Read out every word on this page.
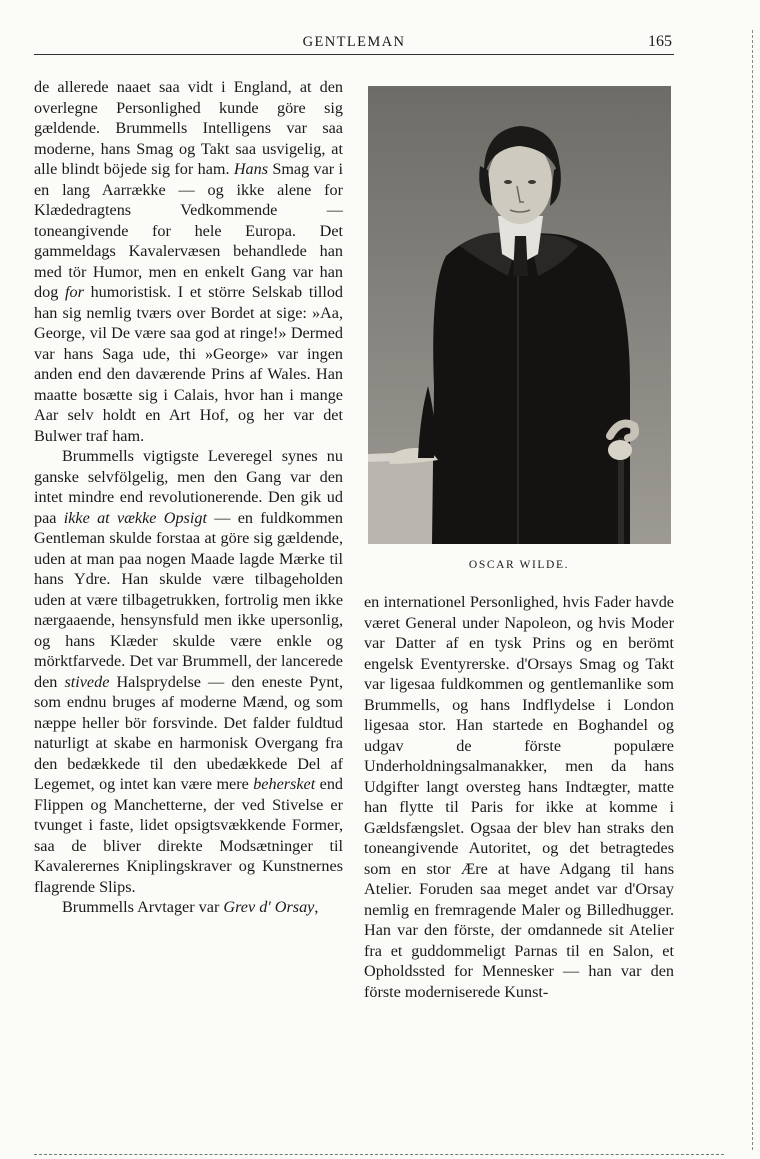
GENTLEMAN	165

de allerede naaet saa vidt i England, at den overlegne Personlighed kunde göre sig gældende. Brummells Intelligens var saa moderne, hans Smag og Takt saa usvigelig, at alle blindt böjede sig for ham. Hans Smag var i en lang Aarrække — og ikke alene for Klædedragtens Vedkommende — toneangivende for hele Europa. Det gammeldags Kavalervæsen behandlede han med tör Humor, men en enkelt Gang var han dog for humoristisk. I et större Selskab tillod han sig nemlig tværs over Bordet at sige: »Aa, George, vil De være saa god at ringe!» Dermed var hans Saga ude, thi »George» var ingen anden end den daværende Prins af Wales. Han maatte bosætte sig i Calais, hvor han i mange Aar selv holdt en Art Hof, og her var det Bulwer traf ham.

Brummells vigtigste Leveregel synes nu ganske selvfölgelig, men den Gang var den intet mindre end revolutionerende. Den gik ud paa ikke at vække Opsigt — en fuldkommen Gentleman skulde forstaa at göre sig gældende, uden at man paa nogen Maade lagde Mærke til hans Ydre. Han skulde være tilbageholden uden at være tilbagetrukken, fortrolig men ikke nærgaaende, hensynsfuld men ikke upersonlig, og hans Klæder skulde være enkle og mörktfarvede. Det var Brummell, der lancerede den stivede Halsprydelse — den eneste Pynt, som endnu bruges af moderne Mænd, og som næppe heller bör forsvinde. Det falder fuldtud naturligt at skabe en harmonisk Overgang fra den bedækkede til den ubedækkede Del af Legemet, og intet kan være mere behersket end Flippen og Manchetterne, der ved Stivelse er tvunget i faste, lidet opsigtsvækkende Former, saa de bliver direkte Modsætninger til Kavalerernes Kniplingskraver og Kunstnernes flagrende Slips.

Brummells Arvtager var Grev d' Orsay,

OSCAR WILDE.

en internationel Personlighed, hvis Fader havde været General under Napoleon, og hvis Moder var Datter af en tysk Prins og en berömt engelsk Eventyrerske. d'Orsays Smag og Takt var ligesaa fuldkommen og gentlemanlike som Brummells, og hans Indflydelse i London ligesaa stor. Han startede en Boghandel og udgav de förste populære Underholdningsalmanakker, men da hans Udgifter langt oversteg hans Indtægter, matte han flytte til Paris for ikke at komme i Gældsfængslet. Ogsaa der blev han straks den toneangivende Autoritet, og det betragtedes som en stor Ære at have Adgang til hans Atelier. Foruden saa meget andet var d'Orsay nemlig en fremragende Maler og Billedhugger. Han var den förste, der omdannede sit Atelier fra et guddommeligt Parnas til en Salon, et Opholdssted for Mennesker — han var den förste moderniserede Kunst-
